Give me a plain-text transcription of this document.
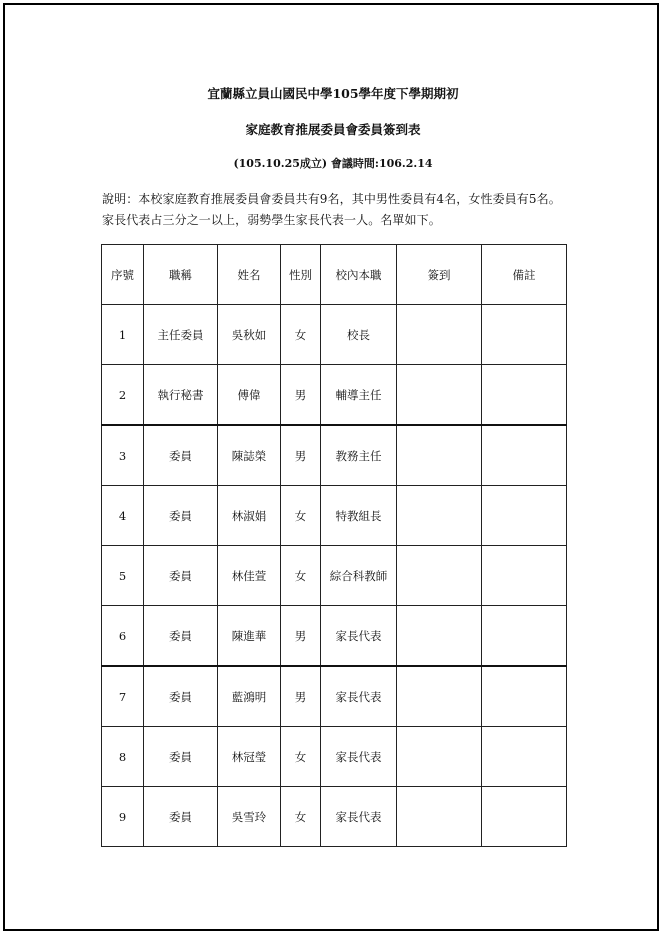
宜蘭縣立員山國民中學105學年度下學期期初
家庭教育推展委員會委員簽到表

(105.10.25成立) 會議時間:106.2.14

說明：本校家庭教育推展委員會委員共有9名，其中男性委員有4名，女性委員有5名。家長代表占三分之一以上，弱勢學生家長代表一人。名單如下。

序號	職稱	姓名	性別	校內本職	簽到	備註
1	主任委員	吳秋如	女	校長		
2	執行秘書	傅偉	男	輔導主任		
3	委員	陳誌榮	男	教務主任		
4	委員	林淑娟	女	特教組長		
5	委員	林佳萱	女	綜合科教師		
6	委員	陳進華	男	家長代表		
7	委員	藍鴻明	男	家長代表		
8	委員	林冠瑩	女	家長代表		
9	委員	吳雪玲	女	家長代表		
